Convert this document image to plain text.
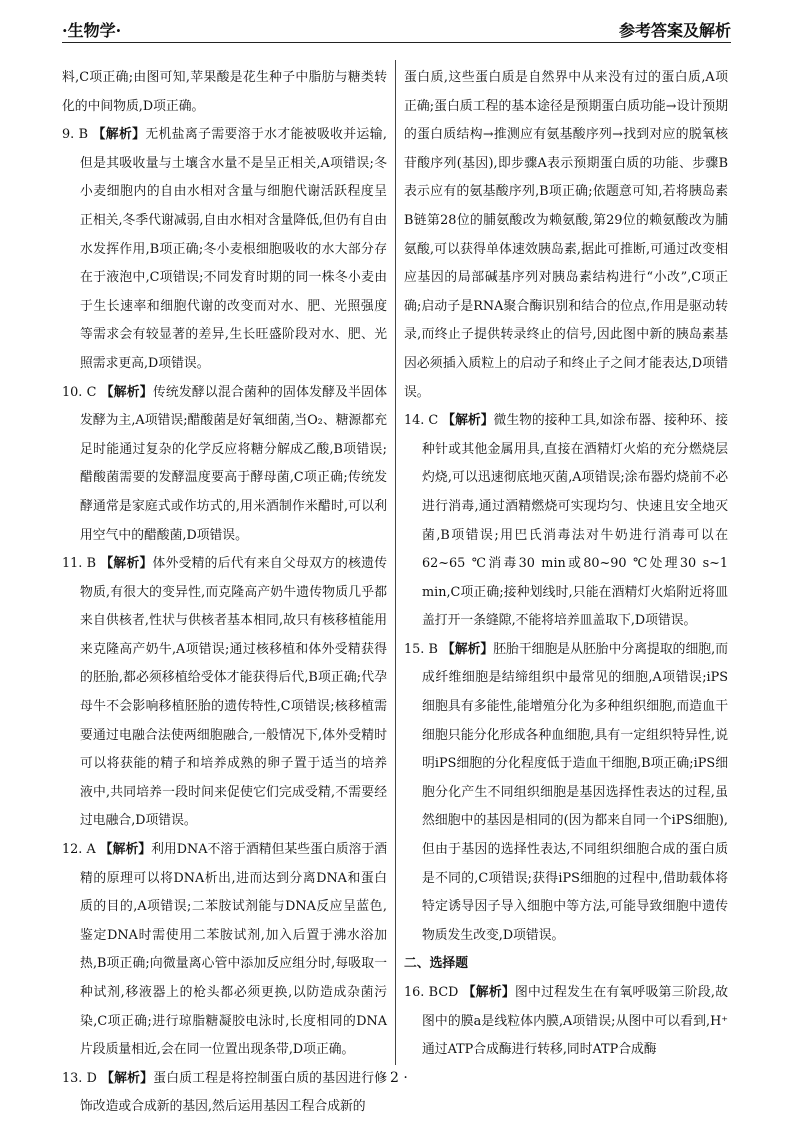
·生物学·	参考答案及解析

料,C项正确;由图可知,苹果酸是花生种子中脂肪与糖类转化的中间物质,D项正确。

9. B 【解析】无机盐离子需要溶于水才能被吸收并运输,但是其吸收量与土壤含水量不是呈正相关,A项错误;冬小麦细胞内的自由水相对含量与细胞代谢活跃程度呈正相关,冬季代谢减弱,自由水相对含量降低,但仍有自由水发挥作用,B项正确;冬小麦根细胞吸收的水大部分存在于液泡中,C项错误;不同发育时期的同一株冬小麦由于生长速率和细胞代谢的改变而对水、肥、光照强度等需求会有较显著的差异,生长旺盛阶段对水、肥、光照需求更高,D项错误。

10. C 【解析】传统发酵以混合菌种的固体发酵及半固体发酵为主,A项错误;醋酸菌是好氧细菌,当O₂、糖源都充足时能通过复杂的化学反应将糖分解成乙酸,B项错误;醋酸菌需要的发酵温度要高于酵母菌,C项正确;传统发酵通常是家庭式或作坊式的,用米酒制作米醋时,可以利用空气中的醋酸菌,D项错误。

11. B 【解析】体外受精的后代有来自父母双方的核遗传物质,有很大的变异性,而克隆高产奶牛遗传物质几乎都来自供核者,性状与供核者基本相同,故只有核移植能用来克隆高产奶牛,A项错误;通过核移植和体外受精获得的胚胎,都必须移植给受体才能获得后代,B项正确;代孕母牛不会影响移植胚胎的遗传特性,C项错误;核移植需要通过电融合法使两细胞融合,一般情况下,体外受精时可以将获能的精子和培养成熟的卵子置于适当的培养液中,共同培养一段时间来促使它们完成受精,不需要经过电融合,D项错误。

12. A 【解析】利用DNA不溶于酒精但某些蛋白质溶于酒精的原理可以将DNA析出,进而达到分离DNA和蛋白质的目的,A项错误;二苯胺试剂能与DNA反应呈蓝色,鉴定DNA时需使用二苯胺试剂,加入后置于沸水浴加热,B项正确;向微量离心管中添加反应组分时,每吸取一种试剂,移液器上的枪头都必须更换,以防造成杂菌污染,C项正确;进行琼脂糖凝胶电泳时,长度相同的DNA片段质量相近,会在同一位置出现条带,D项正确。

13. D 【解析】蛋白质工程是将控制蛋白质的基因进行修饰改造或合成新的基因,然后运用基因工程合成新的

蛋白质,这些蛋白质是自然界中从来没有过的蛋白质,A项正确;蛋白质工程的基本途径是预期蛋白质功能→设计预期的蛋白质结构→推测应有氨基酸序列→找到对应的脱氧核苷酸序列(基因),即步骤A表示预期蛋白质的功能、步骤B表示应有的氨基酸序列,B项正确;依题意可知,若将胰岛素B链第28位的脯氨酸改为赖氨酸,第29位的赖氨酸改为脯氨酸,可以获得单体速效胰岛素,据此可推断,可通过改变相应基因的局部碱基序列对胰岛素结构进行“小改”,C项正确;启动子是RNA聚合酶识别和结合的位点,作用是驱动转录,而终止子提供转录终止的信号,因此图中新的胰岛素基因必须插入质粒上的启动子和终止子之间才能表达,D项错误。

14. C 【解析】微生物的接种工具,如涂布器、接种环、接种针或其他金属用具,直接在酒精灯火焰的充分燃烧层灼烧,可以迅速彻底地灭菌,A项错误;涂布器灼烧前不必进行消毒,通过酒精燃烧可实现均匀、快速且安全地灭菌,B项错误;用巴氏消毒法对牛奶进行消毒可以在62~65 ℃消毒30 min或80~90 ℃处理30 s~1 min,C项正确;接种划线时,只能在酒精灯火焰附近将皿盖打开一条缝隙,不能将培养皿盖取下,D项错误。

15. B 【解析】胚胎干细胞是从胚胎中分离提取的细胞,而成纤维细胞是结缔组织中最常见的细胞,A项错误;iPS细胞具有多能性,能增殖分化为多种组织细胞,而造血干细胞只能分化形成各种血细胞,具有一定组织特异性,说明iPS细胞的分化程度低于造血干细胞,B项正确;iPS细胞分化产生不同组织细胞是基因选择性表达的过程,虽然细胞中的基因是相同的(因为都来自同一个iPS细胞),但由于基因的选择性表达,不同组织细胞合成的蛋白质是不同的,C项错误;获得iPS细胞的过程中,借助载体将特定诱导因子导入细胞中等方法,可能导致细胞中遗传物质发生改变,D项错误。

二、选择题

16. BCD 【解析】图中过程发生在有氧呼吸第三阶段,故图中的膜a是线粒体内膜,A项错误;从图中可以看到,H⁺通过ATP合成酶进行转移,同时ATP合成酶

· 2 ·
